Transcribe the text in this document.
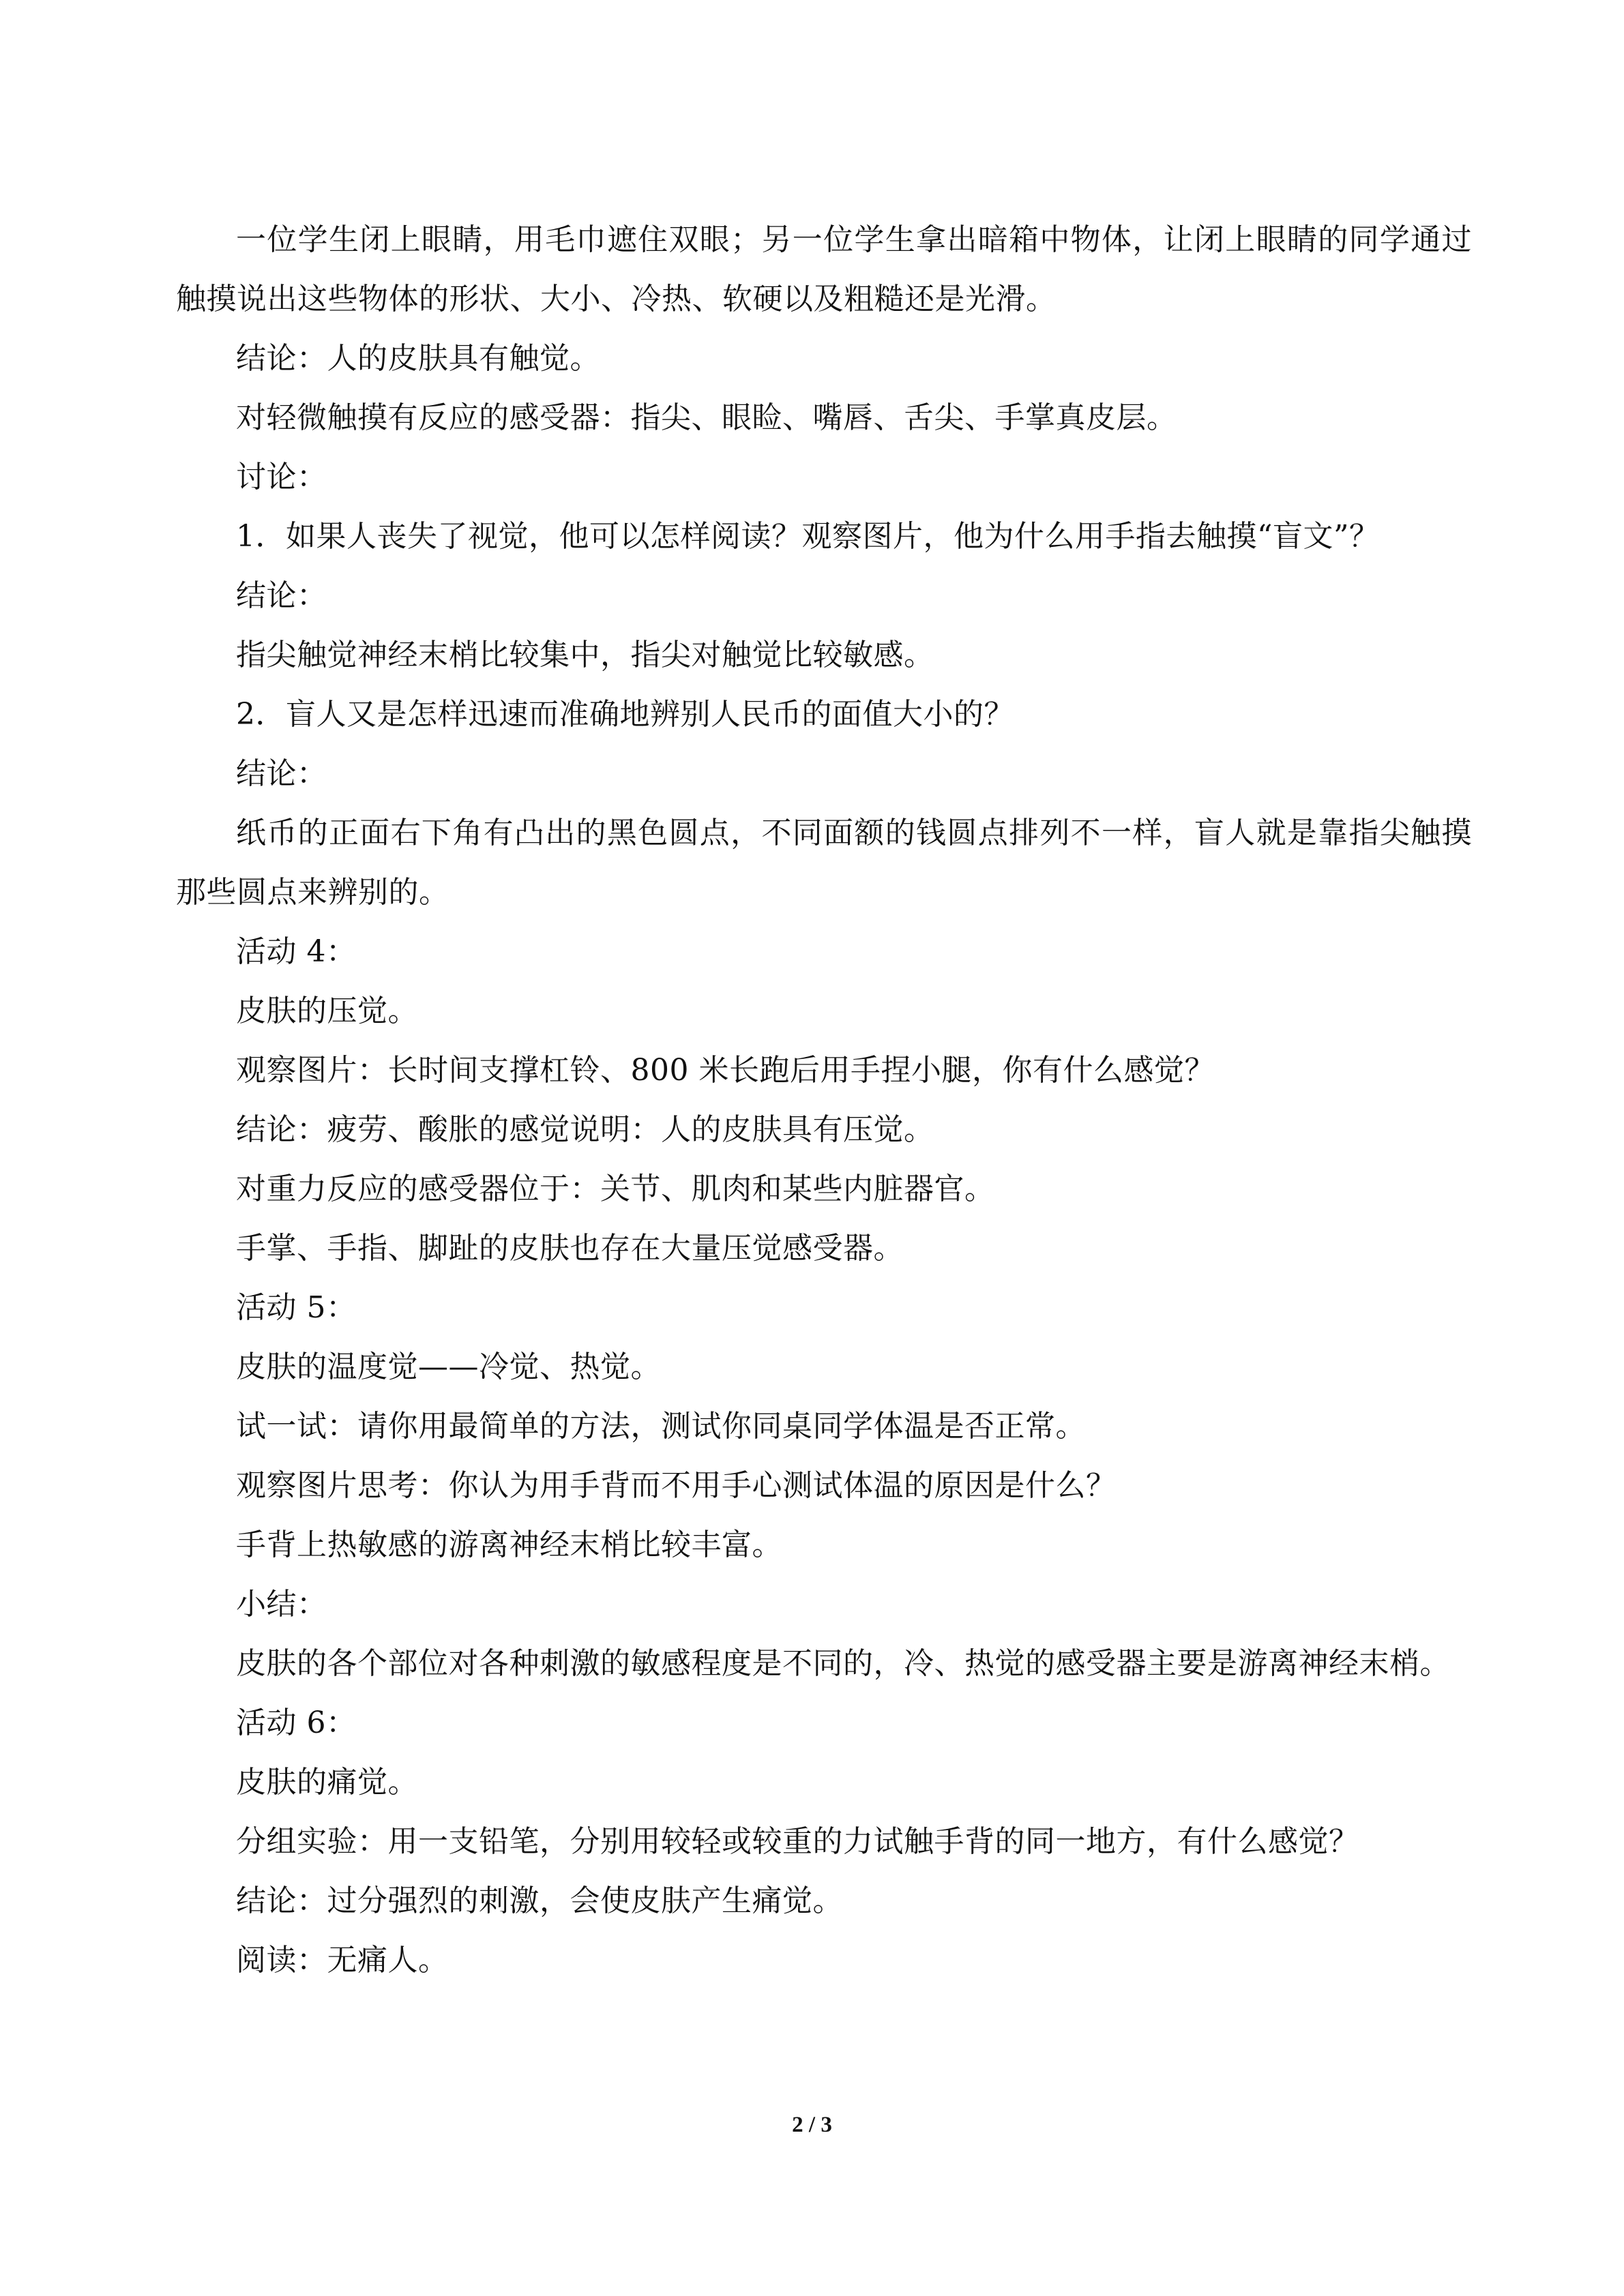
一位学生闭上眼睛，用毛巾遮住双眼；另一位学生拿出暗箱中物体，让闭上眼睛的同学通过触摸说出这些物体的形状、大小、冷热、软硬以及粗糙还是光滑。

结论：人的皮肤具有触觉。

对轻微触摸有反应的感受器：指尖、眼睑、嘴唇、舌尖、手掌真皮层。

讨论：

1．如果人丧失了视觉，他可以怎样阅读？观察图片，他为什么用手指去触摸“盲文”？

结论：

指尖触觉神经末梢比较集中，指尖对触觉比较敏感。

2．盲人又是怎样迅速而准确地辨别人民币的面值大小的？

结论：

纸币的正面右下角有凸出的黑色圆点，不同面额的钱圆点排列不一样，盲人就是靠指尖触摸那些圆点来辨别的。

活动 4：

皮肤的压觉。

观察图片：长时间支撑杠铃、800 米长跑后用手捏小腿，你有什么感觉？

结论：疲劳、酸胀的感觉说明：人的皮肤具有压觉。

对重力反应的感受器位于：关节、肌肉和某些内脏器官。

手掌、手指、脚趾的皮肤也存在大量压觉感受器。

活动 5：

皮肤的温度觉——冷觉、热觉。

试一试：请你用最简单的方法，测试你同桌同学体温是否正常。

观察图片思考：你认为用手背而不用手心测试体温的原因是什么？

手背上热敏感的游离神经末梢比较丰富。

小结：

皮肤的各个部位对各种刺激的敏感程度是不同的，冷、热觉的感受器主要是游离神经末梢。

活动 6：

皮肤的痛觉。

分组实验：用一支铅笔，分别用较轻或较重的力试触手背的同一地方，有什么感觉？

结论：过分强烈的刺激，会使皮肤产生痛觉。

阅读：无痛人。

2 / 3
